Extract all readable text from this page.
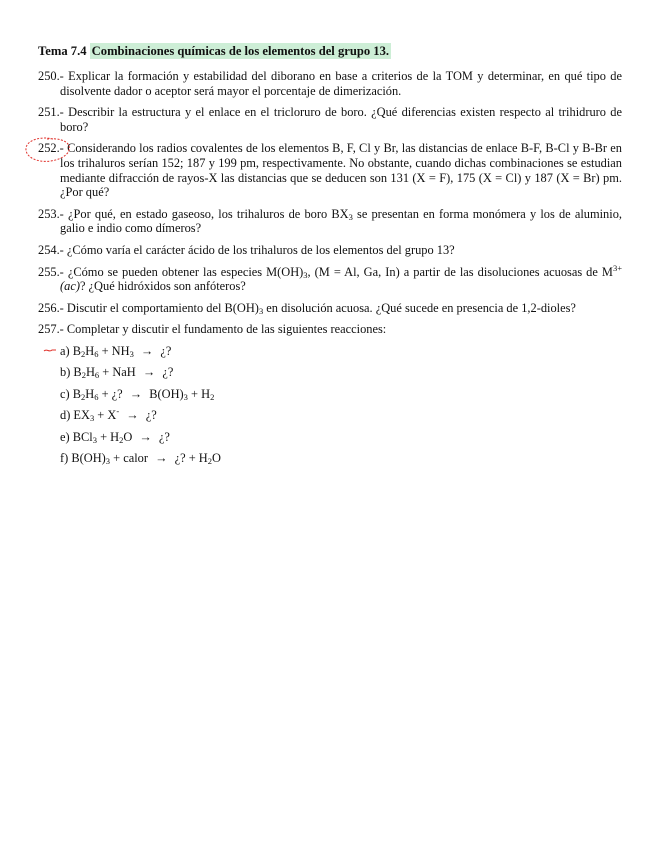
Tema 7.4 Combinaciones químicas de los elementos del grupo 13.
250.- Explicar la formación y estabilidad del diborano en base a criterios de la TOM y determinar, en qué tipo de disolvente dador o aceptor será mayor el porcentaje de dimerización.
251.- Describir la estructura y el enlace en el tricloruro de boro. ¿Qué diferencias existen respecto al trihidruro de boro?
252.- Considerando los radios covalentes de los elementos B, F, Cl y Br, las distancias de enlace B-F, B-Cl y B-Br en los trihaluros serían 152; 187 y 199 pm, respectivamente. No obstante, cuando dichas combinaciones se estudian mediante difracción de rayos-X las distancias que se deducen son 131 (X = F), 175 (X = Cl) y 187 (X = Br) pm. ¿Por qué?
253.- ¿Por qué, en estado gaseoso, los trihaluros de boro $BX_3$ se presentan en forma monómera y los de aluminio, galio e indio como dímeros?
254.- ¿Cómo varía el carácter ácido de los trihaluros de los elementos del grupo 13?
255.- ¿Cómo se pueden obtener las especies $M(OH)_3$, (M = Al, Ga, In) a partir de las disoluciones acuosas de $M^{3+}(ac)$? ¿Qué hidróxidos son anfóteros?
256.- Discutir el comportamiento del $B(OH)_3$ en disolución acuosa. ¿Qué sucede en presencia de 1,2-dioles?
257.- Completar y discutir el fundamento de las siguientes reacciones:
a) $B_2H_6 + NH_3$ → ¿?
b) $B_2H_6$ + NaH → ¿?
c) $B_2H_6$ + ¿? → $B(OH)_3 + H_2$
d) $EX_3 + X^-$ → ¿?
e) $BCl_3 + H_2O$ → ¿?
f) $B(OH)_3$ + calor → ¿? + $H_2O$
